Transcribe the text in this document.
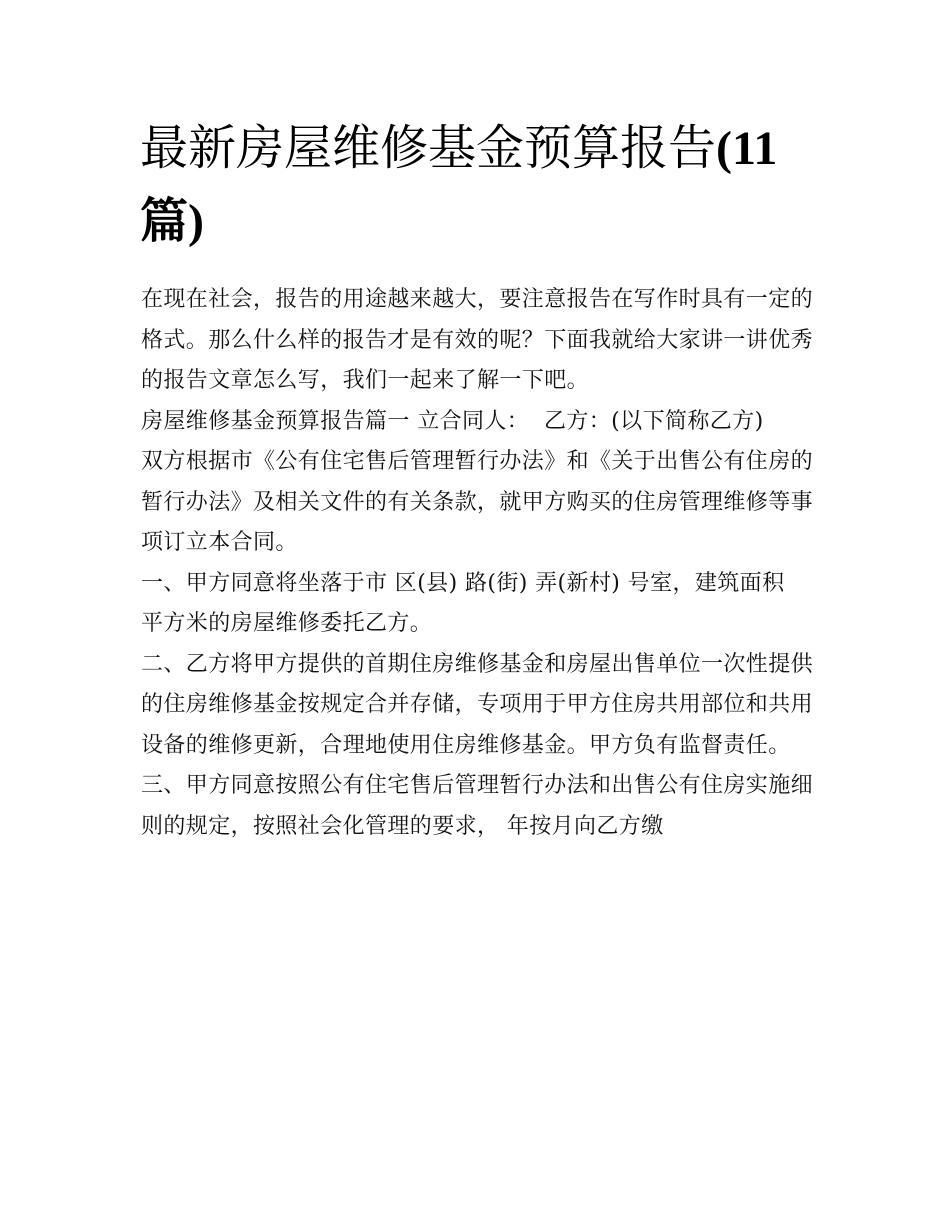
最新房屋维修基金预算报告(11篇)

在现在社会，报告的用途越来越大，要注意报告在写作时具有一定的格式。那么什么样的报告才是有效的呢？下面我就给大家讲一讲优秀的报告文章怎么写，我们一起来了解一下吧。

房屋维修基金预算报告篇一 立合同人：  乙方：(以下简称乙方)

双方根据市《公有住宅售后管理暂行办法》和《关于出售公有住房的暂行办法》及相关文件的有关条款，就甲方购买的住房管理维修等事项订立本合同。

一、甲方同意将坐落于市 区(县) 路(街) 弄(新村) 号室，建筑面积 平方米的房屋维修委托乙方。

二、乙方将甲方提供的首期住房维修基金和房屋出售单位一次性提供的住房维修基金按规定合并存储，专项用于甲方住房共用部位和共用设备的维修更新，合理地使用住房维修基金。甲方负有监督责任。

三、甲方同意按照公有住宅售后管理暂行办法和出售公有住房实施细则的规定，按照社会化管理的要求， 年按月向乙方缴
